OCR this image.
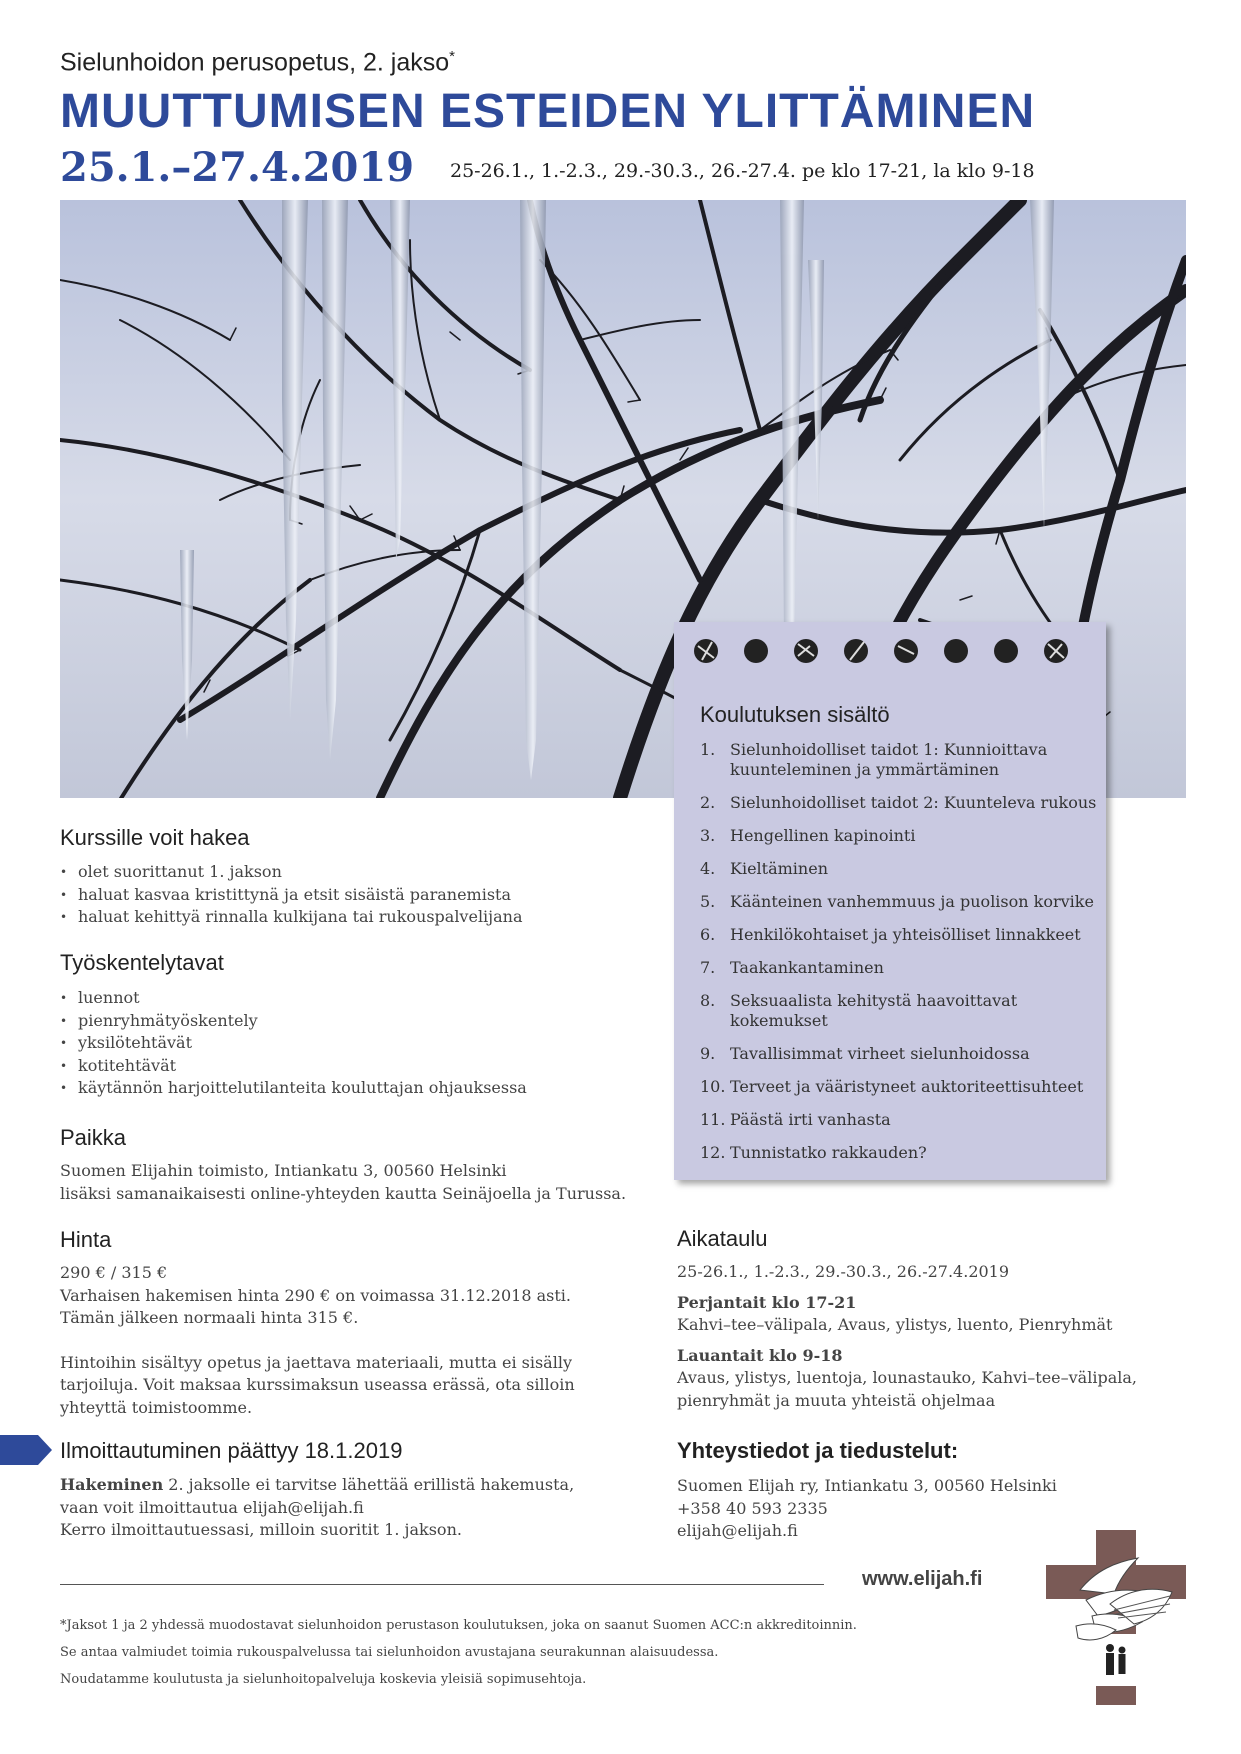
Sielunhoidon perusopetus, 2. jakso*
MUUTTUMISEN ESTEIDEN YLITTÄMINEN
25.1.–27.4.2019 25-26.1., 1.-2.3., 29.-30.3., 26.-27.4. pe klo 17-21, la klo 9-18
Koulutuksen sisältö
1. Sielunhoidolliset taidot 1: Kunnioittava kuunteleminen ja ymmärtäminen
2. Sielunhoidolliset taidot 2: Kuunteleva rukous
3. Hengellinen kapinointi
4. Kieltäminen
5. Käänteinen vanhemmuus ja puolison korvike
6. Henkilökohtaiset ja yhteisölliset linnakkeet
7. Taakankantaminen
8. Seksuaalista kehitystä haavoittavat kokemukset
9. Tavallisimmat virheet sielunhoidossa
10. Terveet ja vääristyneet auktoriteettisuhteet
11. Päästä irti vanhasta
12. Tunnistatko rakkauden?
Kurssille voit hakea
• olet suorittanut 1. jakson
• haluat kasvaa kristittynä ja etsit sisäistä paranemista
• haluat kehittyä rinnalla kulkijana tai rukouspalvelijana
Työskentelytavat
• luennot
• pienryhmätyöskentely
• yksilötehtävät
• kotitehtävät
• käytännön harjoittelutilanteita kouluttajan ohjauksessa
Paikka
Suomen Elijahin toimisto, Intiankatu 3, 00560 Helsinki
lisäksi samanaikaisesti online-yhteyden kautta Seinäjoella ja Turussa.
Hinta
290 € / 315 €
Varhaisen hakemisen hinta 290 € on voimassa 31.12.2018 asti.
Tämän jälkeen normaali hinta 315 €.
Hintoihin sisältyy opetus ja jaettava materiaali, mutta ei sisälly
tarjoiluja. Voit maksaa kurssimaksun useassa erässä, ota silloin
yhteyttä toimistoomme.
Ilmoittautuminen päättyy 18.1.2019
Hakeminen 2. jaksolle ei tarvitse lähettää erillistä hakemusta,
vaan voit ilmoittautua elijah@elijah.fi
Kerro ilmoittautuessasi, milloin suoritit 1. jakson.
Aikataulu
25-26.1., 1.-2.3., 29.-30.3., 26.-27.4.2019
Perjantait klo 17-21
Kahvi–tee–välipala, Avaus, ylistys, luento, Pienryhmät
Lauantait klo 9-18
Avaus, ylistys, luentoja, lounastauko, Kahvi–tee–välipala,
pienryhmät ja muuta yhteistä ohjelmaa
Yhteystiedot ja tiedustelut:
Suomen Elijah ry, Intiankatu 3, 00560 Helsinki
+358 40 593 2335
elijah@elijah.fi
www.elijah.fi
*Jaksot 1 ja 2 yhdessä muodostavat sielunhoidon perustason koulutuksen, joka on saanut Suomen ACC:n akkreditoinnin.
Se antaa valmiudet toimia rukouspalvelussa tai sielunhoidon avustajana seurakunnan alaisuudessa.
Noudatamme koulutusta ja sielunhoitopalveluja koskevia yleisiä sopimusehtoja.
